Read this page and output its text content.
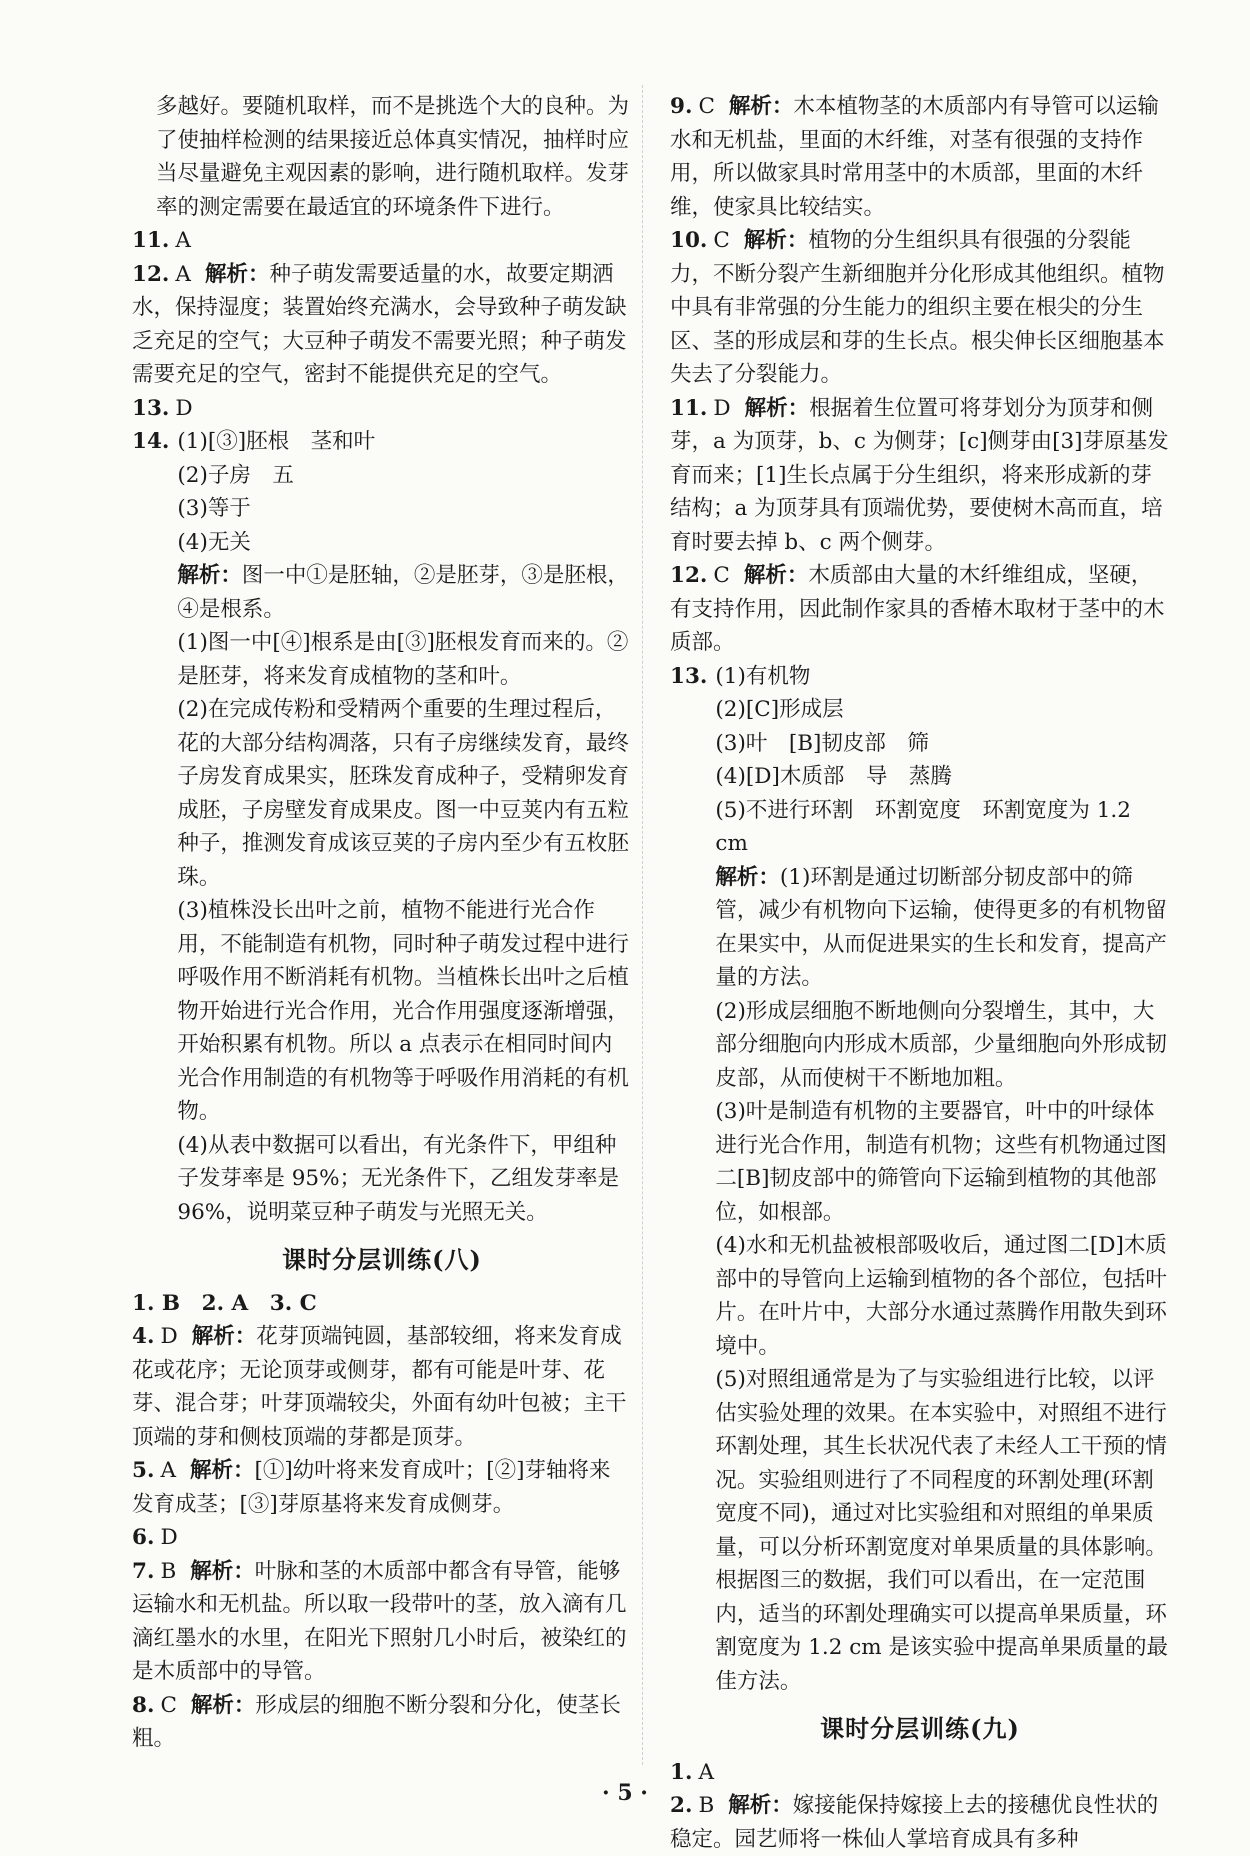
多越好。要随机取样，而不是挑选个大的良种。为了使抽样检测的结果接近总体真实情况，抽样时应当尽量避免主观因素的影响，进行随机取样。发芽率的测定需要在最适宜的环境条件下进行。
11. A
12. A 解析：种子萌发需要适量的水，故要定期洒水，保持湿度；装置始终充满水，会导致种子萌发缺乏充足的空气；大豆种子萌发不需要光照；种子萌发需要充足的空气，密封不能提供充足的空气。
13. D
14. (1)[③]胚根　茎和叶
(2)子房　五
(3)等于
(4)无关
解析：图一中①是胚轴，②是胚芽，③是胚根，④是根系。
(1)图一中[④]根系是由[③]胚根发育而来的。②是胚芽，将来发育成植物的茎和叶。
(2)在完成传粉和受精两个重要的生理过程后，花的大部分结构凋落，只有子房继续发育，最终子房发育成果实，胚珠发育成种子，受精卵发育成胚，子房壁发育成果皮。图一中豆荚内有五粒种子，推测发育成该豆荚的子房内至少有五枚胚珠。
(3)植株没长出叶之前，植物不能进行光合作用，不能制造有机物，同时种子萌发过程中进行呼吸作用不断消耗有机物。当植株长出叶之后植物开始进行光合作用，光合作用强度逐渐增强，开始积累有机物。所以 a 点表示在相同时间内光合作用制造的有机物等于呼吸作用消耗的有机物。
(4)从表中数据可以看出，有光条件下，甲组种子发芽率是 95%；无光条件下，乙组发芽率是 96%，说明菜豆种子萌发与光照无关。
课时分层训练(八)
1. B 2. A 3. C
4. D 解析：花芽顶端钝圆，基部较细，将来发育成花或花序；无论顶芽或侧芽，都有可能是叶芽、花芽、混合芽；叶芽顶端较尖，外面有幼叶包被；主干顶端的芽和侧枝顶端的芽都是顶芽。
5. A 解析：[①]幼叶将来发育成叶；[②]芽轴将来发育成茎；[③]芽原基将来发育成侧芽。
6. D
7. B 解析：叶脉和茎的木质部中都含有导管，能够运输水和无机盐。所以取一段带叶的茎，放入滴有几滴红墨水的水里，在阳光下照射几小时后，被染红的是木质部中的导管。
8. C 解析：形成层的细胞不断分裂和分化，使茎长粗。
9. C 解析：木本植物茎的木质部内有导管可以运输水和无机盐，里面的木纤维，对茎有很强的支持作用，所以做家具时常用茎中的木质部，里面的木纤维，使家具比较结实。
10. C 解析：植物的分生组织具有很强的分裂能力，不断分裂产生新细胞并分化形成其他组织。植物中具有非常强的分生能力的组织主要在根尖的分生区、茎的形成层和芽的生长点。根尖伸长区细胞基本失去了分裂能力。
11. D 解析：根据着生位置可将芽划分为顶芽和侧芽，a 为顶芽，b、c 为侧芽；[c]侧芽由[3]芽原基发育而来；[1]生长点属于分生组织，将来形成新的芽结构；a 为顶芽具有顶端优势，要使树木高而直，培育时要去掉 b、c 两个侧芽。
12. C 解析：木质部由大量的木纤维组成，坚硬，有支持作用，因此制作家具的香椿木取材于茎中的木质部。
13. (1)有机物
(2)[C]形成层
(3)叶　[B]韧皮部　筛
(4)[D]木质部　导　蒸腾
(5)不进行环割　环割宽度　环割宽度为 1.2 cm
解析：(1)环割是通过切断部分韧皮部中的筛管，减少有机物向下运输，使得更多的有机物留在果实中，从而促进果实的生长和发育，提高产量的方法。
(2)形成层细胞不断地侧向分裂增生，其中，大部分细胞向内形成木质部，少量细胞向外形成韧皮部，从而使树干不断地加粗。
(3)叶是制造有机物的主要器官，叶中的叶绿体进行光合作用，制造有机物；这些有机物通过图二[B]韧皮部中的筛管向下运输到植物的其他部位，如根部。
(4)水和无机盐被根部吸收后，通过图二[D]木质部中的导管向上运输到植物的各个部位，包括叶片。在叶片中，大部分水通过蒸腾作用散失到环境中。
(5)对照组通常是为了与实验组进行比较，以评估实验处理的效果。在本实验中，对照组不进行环割处理，其生长状况代表了未经人工干预的情况。实验组则进行了不同程度的环割处理(环割宽度不同)，通过对比实验组和对照组的单果质量，可以分析环割宽度对单果质量的具体影响。根据图三的数据，我们可以看出，在一定范围内，适当的环割处理确实可以提高单果质量，环割宽度为 1.2 cm 是该实验中提高单果质量的最佳方法。
课时分层训练(九)
1. A
2. B 解析：嫁接能保持嫁接上去的接穗优良性状的稳定。园艺师将一株仙人掌培育成具有多种
· 5 ·
